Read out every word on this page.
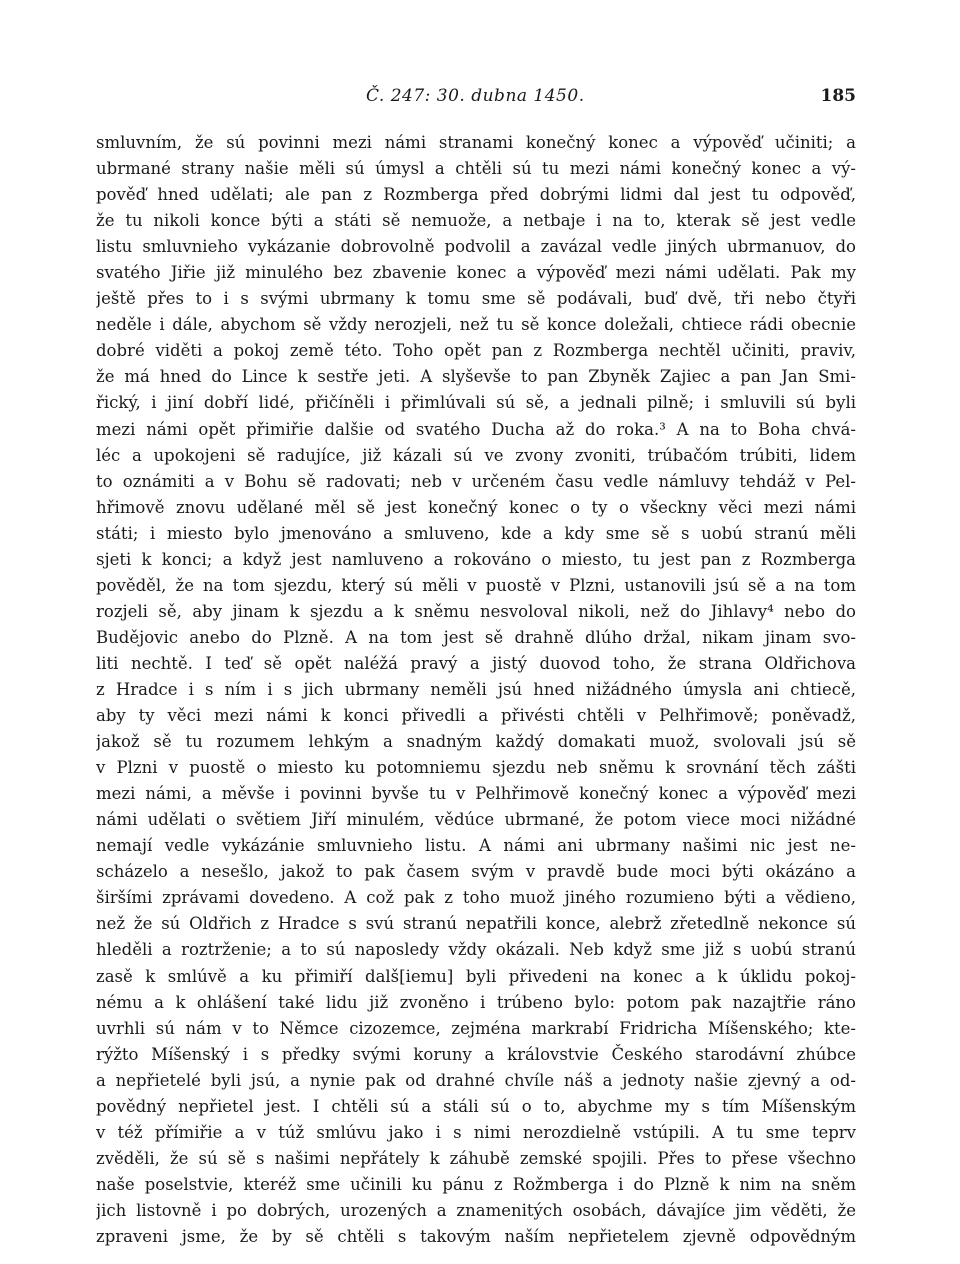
Č. 247: 30. dubna 1450.	185
smluvním, že sú povinni mezi námi stranami konečný konec a výpověď učiniti; a
ubrmané strany našie měli sú úmysl a chtěli sú tu mezi námi konečný konec a vý-
pověď hned udělati; ale pan z Rozmberga před dobrými lidmi dal jest tu odpověď,
že tu nikoli konce býti a státi sě nemuože, a netbaje i na to, kterak sě jest vedle
listu smluvnieho vykázanie dobrovolně podvolil a zavázal vedle jiných ubrmanuov, do
svatého Jiřie již minulého bez zbavenie konec a výpověď mezi námi udělati. Pak my
ještě přes to i s svými ubrmany k tomu sme sě podávali, buď dvě, tři nebo čtyři
neděle i dále, abychom sě vždy nerozjeli, než tu sě konce doležali, chtiece rádi obecnie
dobré viděti a pokoj země této. Toho opět pan z Rozmberga nechtěl učiniti, praviv,
že má hned do Lince k sestře jeti. A slyševše to pan Zbyněk Zajiec a pan Jan Smi-
řický, i jiní dobří lidé, přičíněli i přimlúvali sú sě, a jednali pilně; i smluvili sú byli
mezi námi opět přimiřie dalšie od svatého Ducha až do roka.³ A na to Boha chvá-
léc a upokojeni sě radujíce, již kázali sú ve zvony zvoniti, trúbačóm trúbiti, lidem
to oznámiti a v Bohu sě radovati; neb v určeném času vedle námluvy tehdáž v Pel-
hřimově znovu udělané měl sě jest konečný konec o ty o všeckny věci mezi námi
státi; i miesto bylo jmenováno a smluveno, kde a kdy sme sě s uobú stranú měli
sjeti k konci; a když jest namluveno a rokováno o miesto, tu jest pan z Rozmberga
pověděl, že na tom sjezdu, který sú měli v puostě v Plzni, ustanovili jsú sě a na tom
rozjeli sě, aby jinam k sjezdu a k sněmu nesvoloval nikoli, než do Jihlavy⁴ nebo do
Budějovic anebo do Plzně. A na tom jest sě drahně dlúho držal, nikam jinam svo-
liti nechtě. I teď sě opět naléžá pravý a jistý duovod toho, že strana Oldřichova
z Hradce i s ním i s jich ubrmany neměli jsú hned nižádného úmysla ani chtiecě,
aby ty věci mezi námi k konci přivedli a přivésti chtěli v Pelhřimově; poněvadž,
jakož sě tu rozumem lehkým a snadným každý domakati muož, svolovali jsú sě
v Plzni v puostě o miesto ku potomniemu sjezdu neb sněmu k srovnání těch zášti
mezi námi, a měvše i povinni byvše tu v Pelhřimově konečný konec a výpověď mezi
námi udělati o světiem Jiří minulém, vědúce ubrmané, že potom viece moci nižádné
nemají vedle vykázánie smluvnieho listu. A námi ani ubrmany našimi nic jest ne-
scházelo a nesešlo, jakož to pak časem svým v pravdě bude moci býti okázáno a
širšími zprávami dovedeno. A což pak z toho muož jiného rozumieno býti a vědieno,
než že sú Oldřich z Hradce s svú stranú nepatřili konce, alebrž zřetedlně nekonce sú
hleděli a roztrženie; a to sú naposledy vždy okázali. Neb když sme již s uobú stranú
zasě k smlúvě a ku přimiří dalš[iemu] byli přivedeni na konec a k úklidu pokoj-
nému a k ohlášení také lidu již zvoněno i trúbeno bylo: potom pak nazajtřie ráno
uvrhli sú nám v to Němce cizozemce, zejména markrabí Fridricha Míšenského; kte-
rýžto Míšenský i s předky svými koruny a královstvie Českého starodávní zhúbce
a nepřietelé byli jsú, a nynie pak od drahné chvíle náš a jednoty našie zjevný a od-
povědný nepřietel jest. I chtěli sú a stáli sú o to, abychme my s tím Míšenským
v též přímiřie a v túž smlúvu jako i s nimi nerozdielně vstúpili. A tu sme teprv
zvěděli, že sú sě s našimi nepřátely k záhubě zemské spojili. Přes to přese všechno
naše poselstvie, kteréž sme učinili ku pánu z Rožmberga i do Plzně k nim na sněm
jich listovně i po dobrých, urozených a znamenitých osobách, dávajíce jim věděti, že
zpraveni jsme, že by sě chtěli s takovým naším nepřietelem zjevně odpovědným
